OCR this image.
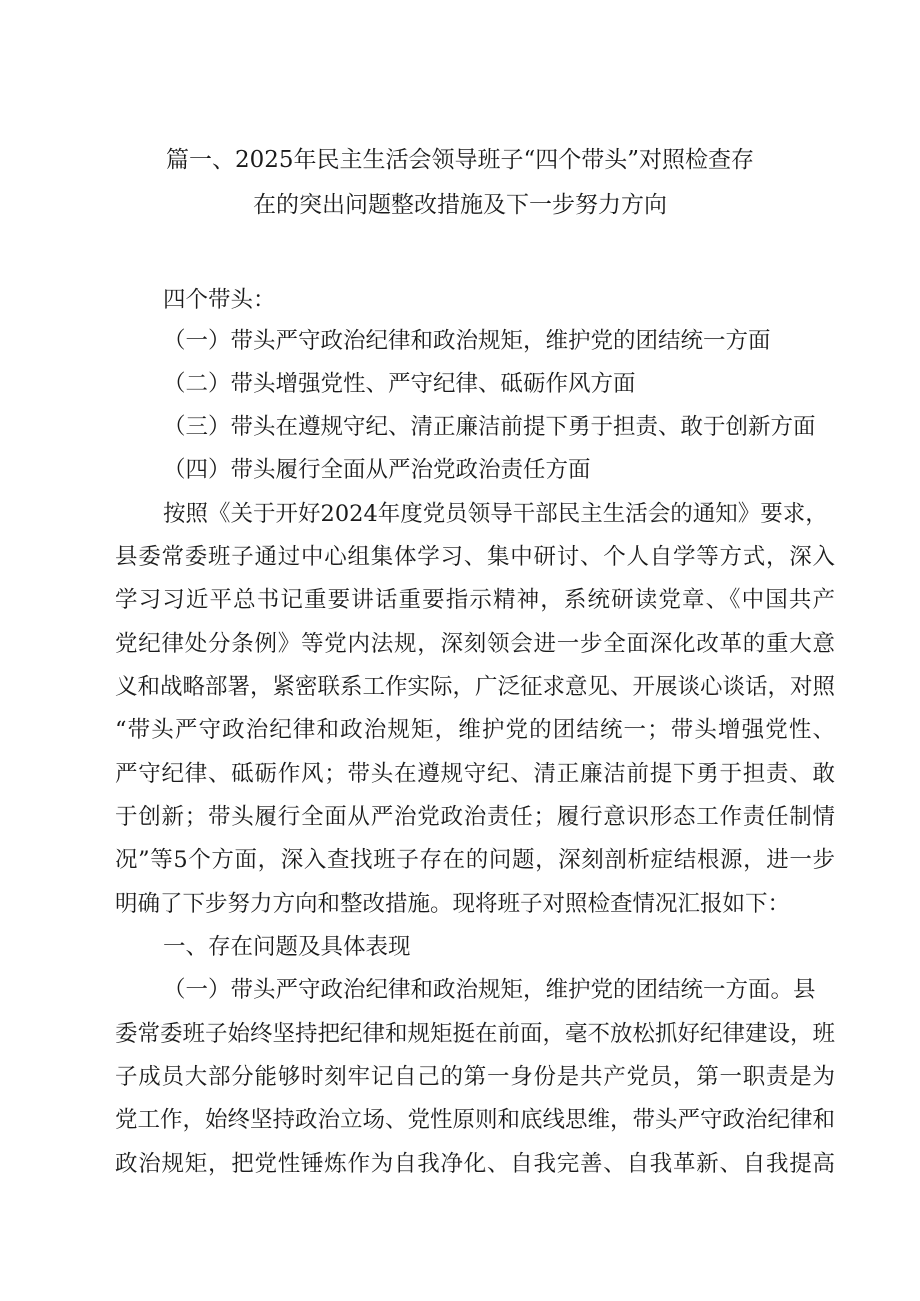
篇一、2025年民主生活会领导班子“四个带头”对照检查存
在的突出问题整改措施及下一步努力方向
四个带头：
（一）带头严守政治纪律和政治规矩，维护党的团结统一方面
（二）带头增强党性、严守纪律、砥砺作风方面
（三）带头在遵规守纪、清正廉洁前提下勇于担责、敢于创新方面
（四）带头履行全面从严治党政治责任方面
按照《关于开好2024年度党员领导干部民主生活会的通知》要求，
县委常委班子通过中心组集体学习、集中研讨、个人自学等方式，深入
学习习近平总书记重要讲话重要指示精神，系统研读党章、《中国共产
党纪律处分条例》等党内法规，深刻领会进一步全面深化改革的重大意
义和战略部署，紧密联系工作实际，广泛征求意见、开展谈心谈话，对照
“带头严守政治纪律和政治规矩，维护党的团结统一；带头增强党性、
严守纪律、砥砺作风；带头在遵规守纪、清正廉洁前提下勇于担责、敢
于创新；带头履行全面从严治党政治责任；履行意识形态工作责任制情
况”等5个方面，深入查找班子存在的问题，深刻剖析症结根源，进一步
明确了下步努力方向和整改措施。现将班子对照检查情况汇报如下：
一、存在问题及具体表现
（一）带头严守政治纪律和政治规矩，维护党的团结统一方面。县
委常委班子始终坚持把纪律和规矩挺在前面，毫不放松抓好纪律建设，班
子成员大部分能够时刻牢记自己的第一身份是共产党员，第一职责是为
党工作，始终坚持政治立场、党性原则和底线思维，带头严守政治纪律和
政治规矩，把党性锤炼作为自我净化、自我完善、自我革新、自我提高
